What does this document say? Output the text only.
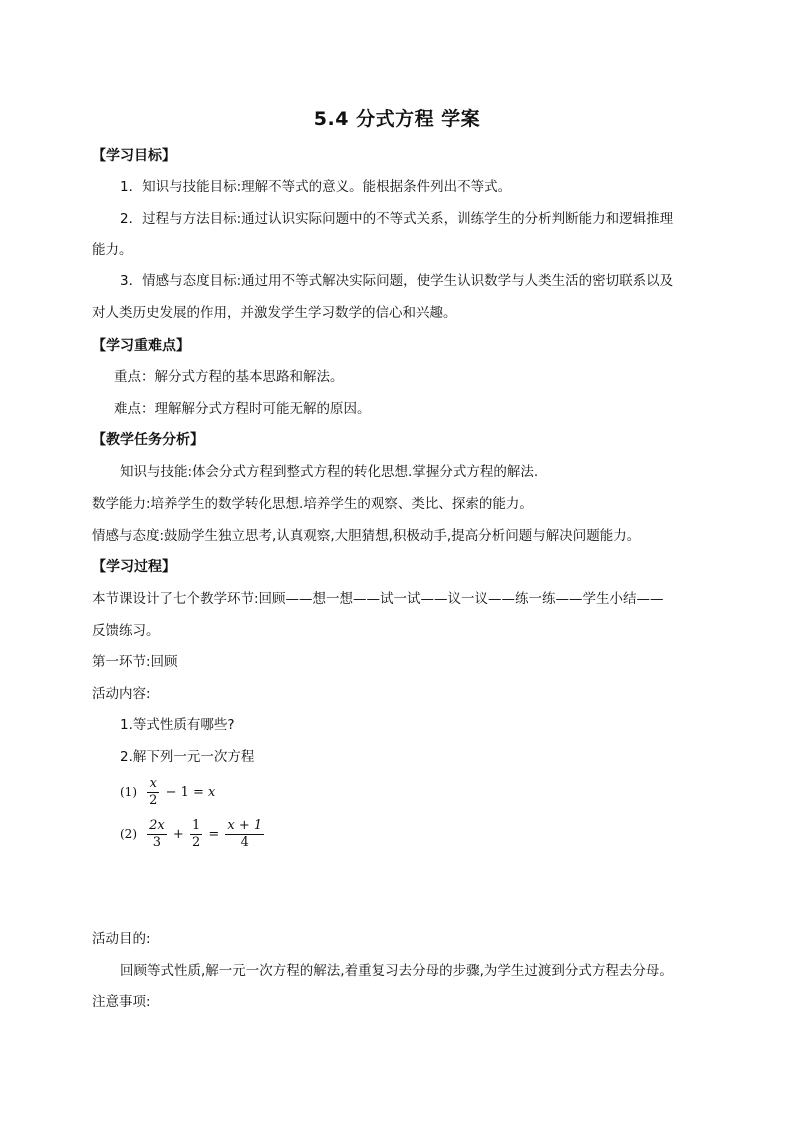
5.4 分式方程 学案
【学习目标】
1．知识与技能目标:理解不等式的意义。能根据条件列出不等式。
2．过程与方法目标:通过认识实际问题中的不等式关系，训练学生的分析判断能力和逻辑推理
能力。
3．情感与态度目标:通过用不等式解决实际问题，使学生认识数学与人类生活的密切联系以及
对人类历史发展的作用，并激发学生学习数学的信心和兴趣。
【学习重难点】
重点：解分式方程的基本思路和解法。
难点：理解解分式方程时可能无解的原因。
【教学任务分析】
知识与技能:体会分式方程到整式方程的转化思想.掌握分式方程的解法.
数学能力:培养学生的数学转化思想.培养学生的观察、类比、探索的能力。
情感与态度:鼓励学生独立思考,认真观察,大胆猜想,积极动手,提高分析问题与解决问题能力。
【学习过程】
本节课设计了七个教学环节:回顾——想一想——试一试——议一议——练一练——学生小结——
反馈练习。
第一环节:回顾
活动内容:
1.等式性质有哪些?
2.解下列一元一次方程
$(1) \frac{x}{2} - 1 = x$
$(2) \frac{2x}{3} + \frac{1}{2} = \frac{x + 1}{4}$
活动目的:
回顾等式性质,解一元一次方程的解法,着重复习去分母的步骤,为学生过渡到分式方程去分母。
注意事项:
